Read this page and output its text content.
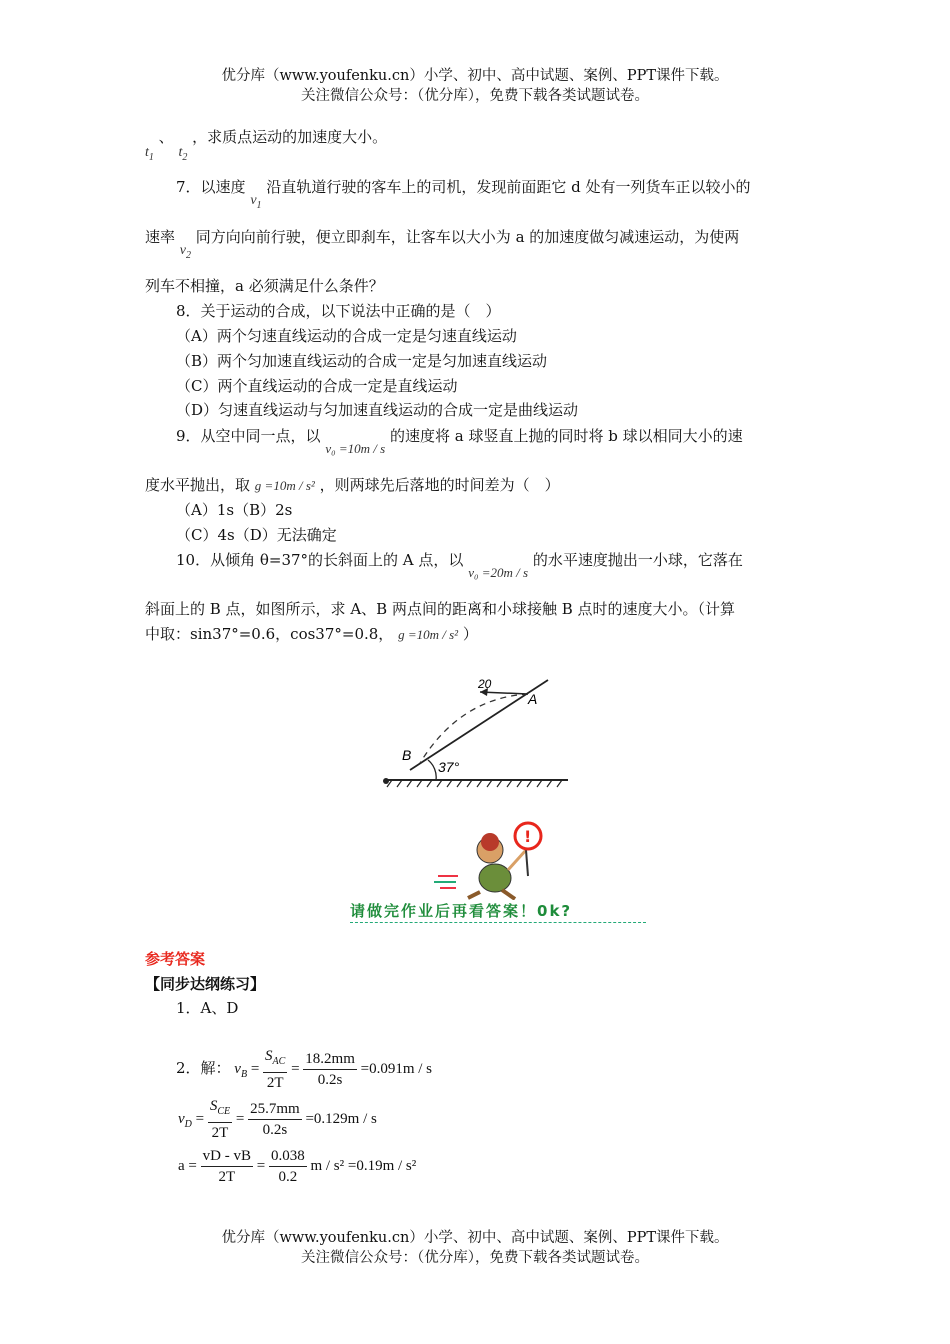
优分库（www.youfenku.cn）小学、初中、高中试题、案例、PPT课件下载。
关注微信公众号：（优分库），免费下载各类试题试卷。
$t_1$ 、 $t_2$ ，求质点运动的加速度大小。
7．以速度 $v_1$ 沿直轨道行驶的客车上的司机，发现前面距它 d 处有一列货车正以较小的
速率 $v_2$ 同方向向前行驶，便立即刹车，让客车以大小为 a 的加速度做匀减速运动，为使两
列车不相撞，a 必须满足什么条件？
8．关于运动的合成，以下说法中正确的是（　）
（A）两个匀速直线运动的合成一定是匀速直线运动
（B）两个匀加速直线运动的合成一定是匀加速直线运动
（C）两个直线运动的合成一定是直线运动
（D）匀速直线运动与匀加速直线运动的合成一定是曲线运动
9．从空中同一点，以 v₀ =10m / s 的速度将 a 球竖直上抛的同时将 b 球以相同大小的速
度水平抛出，取 g =10m / s² ，则两球先后落地的时间差为（　）
（A）1s（B）2s
（C）4s（D）无法确定
10．从倾角 θ=37°的长斜面上的 A 点，以 v₀ =20m / s 的水平速度抛出一小球，它落在
斜面上的 B 点，如图所示，求 A、B 两点间的距离和小球接触 B 点时的速度大小。（计算
中取：sin37°=0.6，cos37°=0.8， g =10m / s² ）
20
A
B
37°
!
请做完作业后再看答案！0k?
参考答案
【同步达纲练习】
1．A、D
2．解： $v_B = \frac{S_{AC}}{2T} = \frac{18.2mm}{0.2s} =0.091m / s$
$v_D = \frac{S_{CE}}{2T} = \frac{25.7mm}{0.2s} =0.129m / s$
$a = \frac{vD - vB}{2T} = \frac{0.038}{0.2}$ m / s² =0.19m / s²
优分库（www.youfenku.cn）小学、初中、高中试题、案例、PPT课件下载。
关注微信公众号：（优分库），免费下载各类试题试卷。
